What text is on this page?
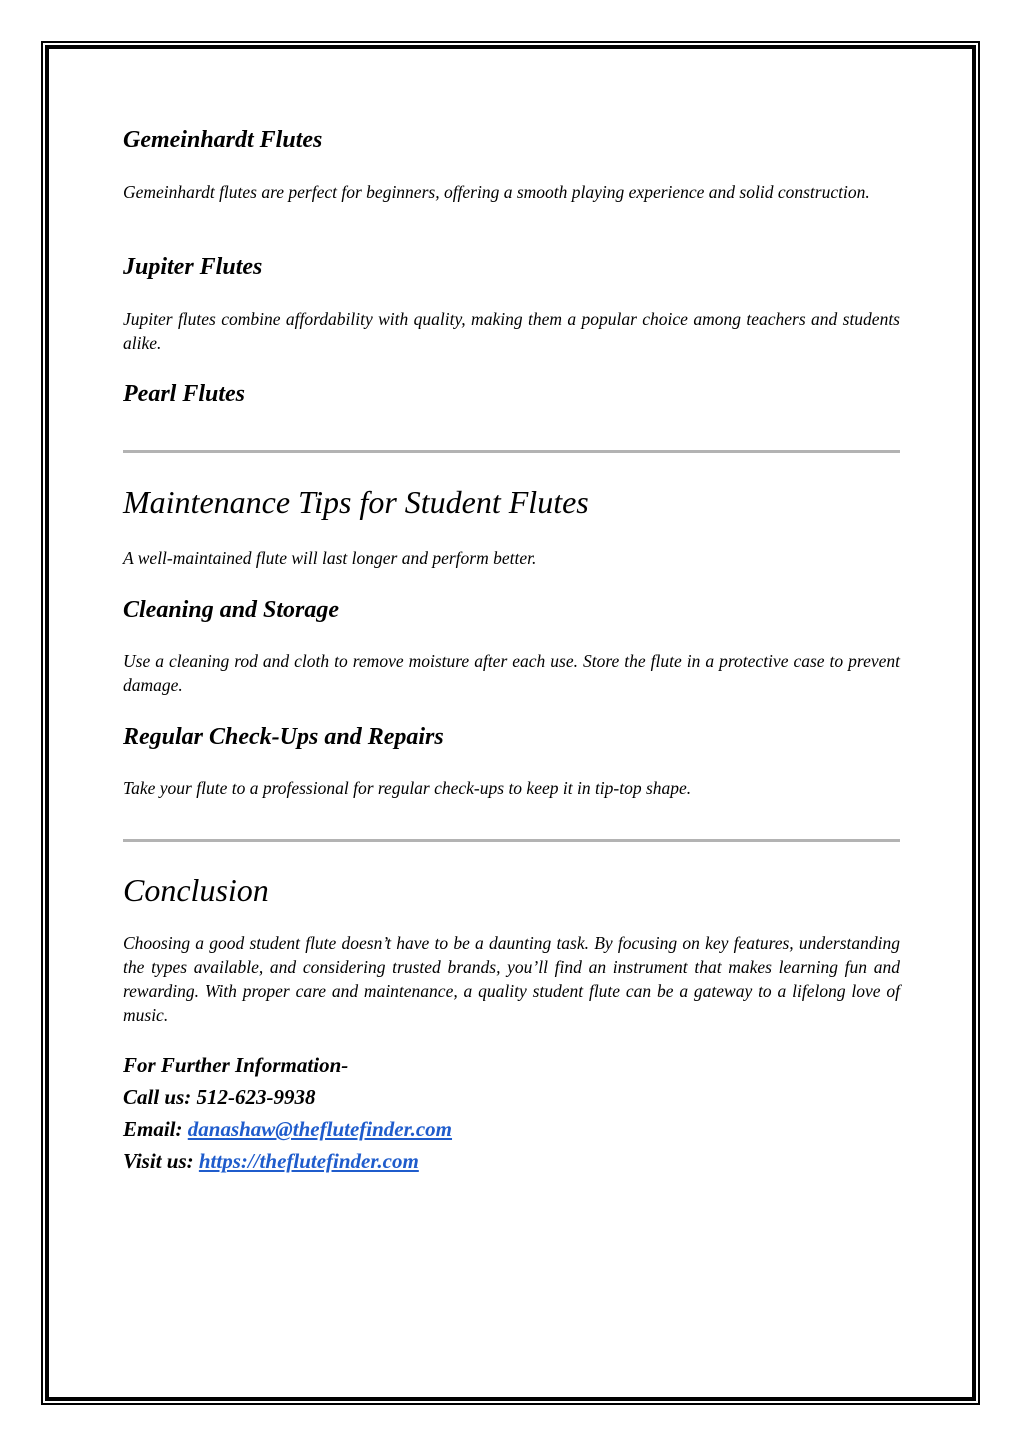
Gemeinhardt Flutes

Gemeinhardt flutes are perfect for beginners, offering a smooth playing experience and solid construction.

Jupiter Flutes

Jupiter flutes combine affordability with quality, making them a popular choice among teachers and students alike.

Pearl Flutes
Maintenance Tips for Student Flutes

A well-maintained flute will last longer and perform better.

Cleaning and Storage

Use a cleaning rod and cloth to remove moisture after each use. Store the flute in a protective case to prevent damage.

Regular Check-Ups and Repairs

Take your flute to a professional for regular check-ups to keep it in tip-top shape.

Conclusion

Choosing a good student flute doesn’t have to be a daunting task. By focusing on key features, understanding the types available, and considering trusted brands, you’ll find an instrument that makes learning fun and rewarding. With proper care and maintenance, a quality student flute can be a gateway to a lifelong love of music.

For Further Information-
Call us: 512-623-9938
Email: danashaw@theflutefinder.com
Visit us: https://theflutefinder.com
